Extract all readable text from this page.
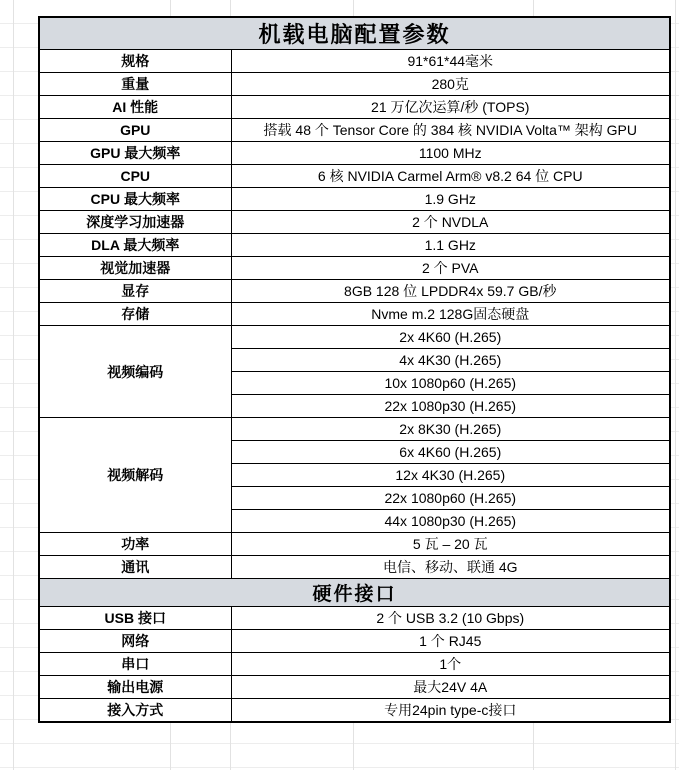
机载电脑配置参数	
规格	91*61*44毫米
重量	280克
AI 性能	21 万亿次运算/秒 (TOPS)
GPU	搭载 48 个 Tensor Core 的 384 核 NVIDIA Volta™ 架构 GPU
GPU 最大频率	1100 MHz
CPU	6 核 NVIDIA Carmel Arm® v8.2 64 位 CPU
CPU 最大频率	1.9 GHz
深度学习加速器	2 个 NVDLA
DLA 最大频率	1.1 GHz
视觉加速器	2 个 PVA
显存	8GB 128 位 LPDDR4x 59.7 GB/秒
存储	Nvme m.2 128G固态硬盘
视频编码	2x 4K60 (H.265)
	4x 4K30 (H.265)
	10x 1080p60 (H.265)
	22x 1080p30 (H.265)
视频解码	2x 8K30 (H.265)
	6x 4K60 (H.265)
	12x 4K30 (H.265)
	22x 1080p60 (H.265)
	44x 1080p30 (H.265)
功率	5 瓦 – 20 瓦
通讯	电信、移动、联通 4G
硬件接口	
USB 接口	2 个 USB 3.2 (10 Gbps)
网络	1 个 RJ45
串口	1个
输出电源	最大24V 4A
接入方式	专用24pin type-c接口
